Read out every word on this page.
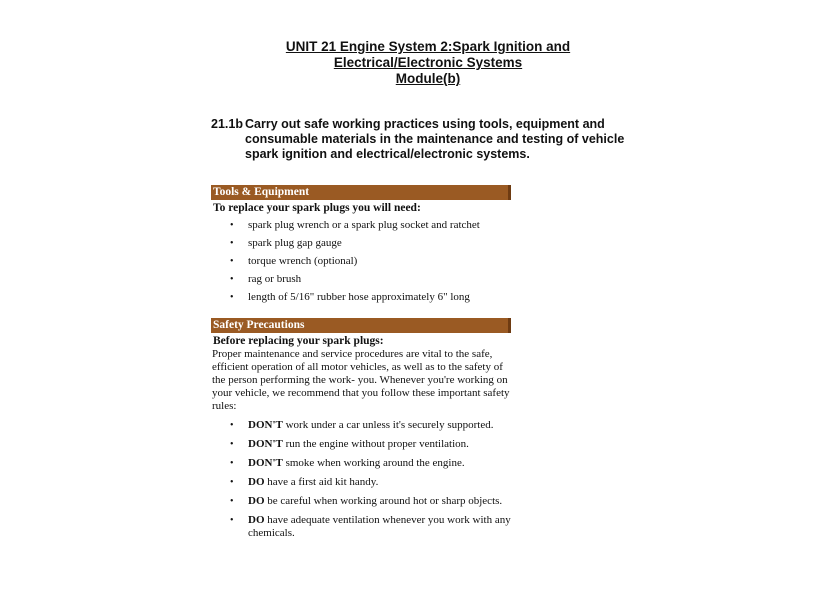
UNIT 21 Engine System 2:Spark Ignition and
Electrical/Electronic Systems
Module(b)
21.1b Carry out safe working practices using tools, equipment and
consumable materials in the maintenance and testing of vehicle
spark ignition and electrical/electronic systems.
Tools & Equipment
To replace your spark plugs you will need:
• spark plug wrench or a spark plug socket and ratchet
• spark plug gap gauge
• torque wrench (optional)
• rag or brush
• length of 5/16" rubber hose approximately 6" long
Safety Precautions
Before replacing your spark plugs:
Proper maintenance and service procedures are vital to the safe, efficient operation of all motor vehicles, as well as to the safety of the person performing the work- you. Whenever you're working on your vehicle, we recommend that you follow these important safety rules:
• DON'T work under a car unless it's securely supported.
• DON'T run the engine without proper ventilation.
• DON'T smoke when working around the engine.
• DO have a first aid kit handy.
• DO be careful when working around hot or sharp objects.
• DO have adequate ventilation whenever you work with any chemicals.
